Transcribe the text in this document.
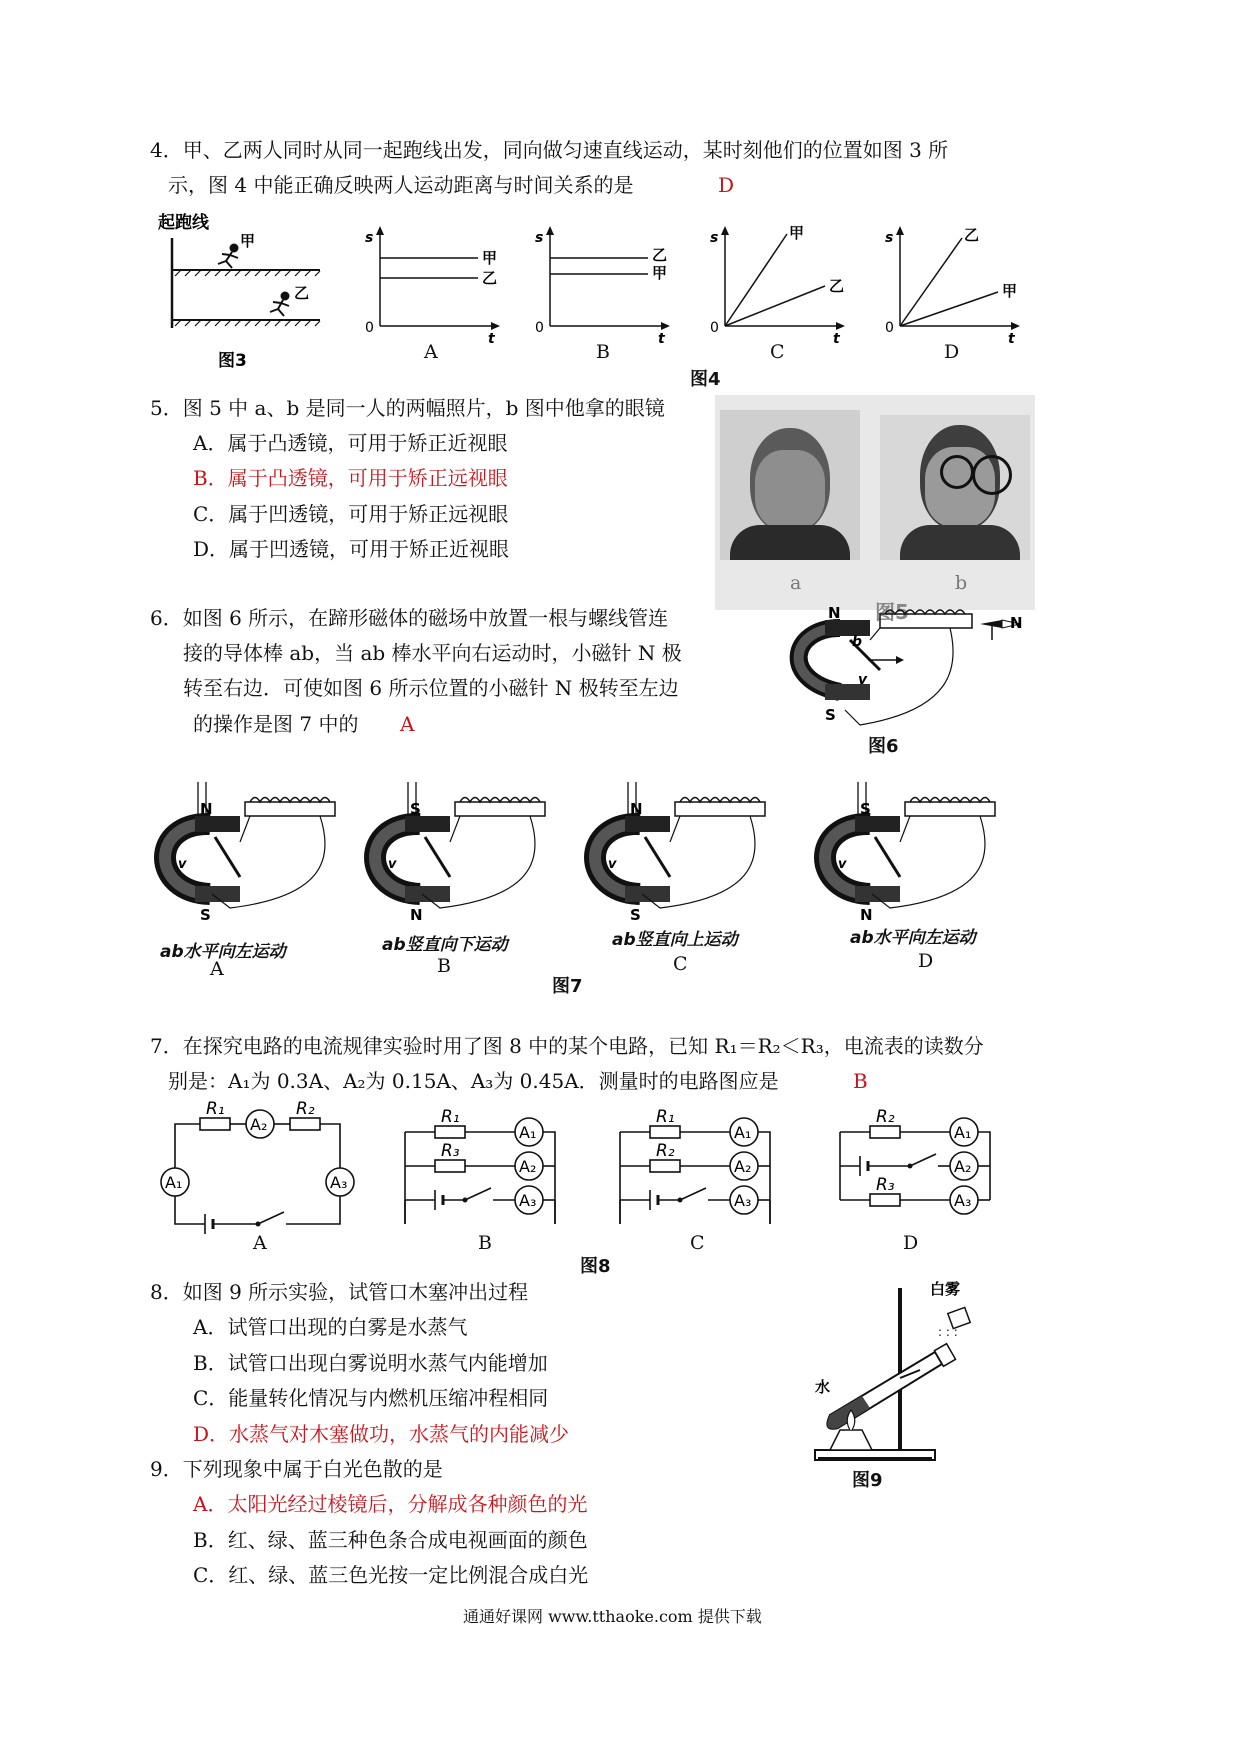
4．甲、乙两人同时从同一起跑线出发，同向做匀速直线运动，某时刻他们的位置如图 3 所
示，图 4 中能正确反映两人运动距离与时间关系的是	D
起跑线
甲
乙
图3
s
t
0
甲
乙
A
s
t
0
乙
甲
B
s
t
0
甲
乙
C
s
t
0
乙
甲
D
图4
5．图 5 中 a、b 是同一人的两幅照片，b 图中他拿的眼镜
A．属于凸透镜，可用于矫正近视眼
B．属于凸透镜，可用于矫正远视眼
C．属于凹透镜，可用于矫正远视眼
D．属于凹透镜，可用于矫正近视眼
a	b
图5
6．如图 6 所示，在蹄形磁体的磁场中放置一根与螺线管连
接的导体棒 ab，当 ab 棒水平向右运动时，小磁针 N 极
转至右边．可使如图 6 所示位置的小磁针 N 极转至左边
的操作是图 7 中的 A
N
S
b
v
N
图6
N
S
v
S
N
v
N
S
v
S
N
v
ab水平向左运动
A
ab竖直向下运动
B
ab竖直向上运动
C
ab水平向左运动
D
图7
7．在探究电路的电流规律实验时用了图 8 中的某个电路，已知 R₁＝R₂＜R₃，电流表的读数分
别是：A₁为 0.3A、A₂为 0.15A、A₃为 0.45A．测量时的电路图应是	B
R₁
A₂
R₂
A₁	A₃
R₁
A₁
R₃
A₂
A₃
R₁
A₁
R₂
A₂
A₃
R₂
A₁
A₂
R₃
A₃
A	B	C	D
图8
8．如图 9 所示实验，试管口木塞冲出过程
A．试管口出现的白雾是水蒸气
B．试管口出现白雾说明水蒸气内能增加
C．能量转化情况与内燃机压缩冲程相同
D．水蒸气对木塞做功，水蒸气的内能减少
白雾
: : :
水
图9
9．下列现象中属于白光色散的是
A．太阳光经过棱镜后，分解成各种颜色的光
B．红、绿、蓝三种色条合成电视画面的颜色
C．红、绿、蓝三色光按一定比例混合成白光
通通好课网 www.tthaoke.com 提供下载
